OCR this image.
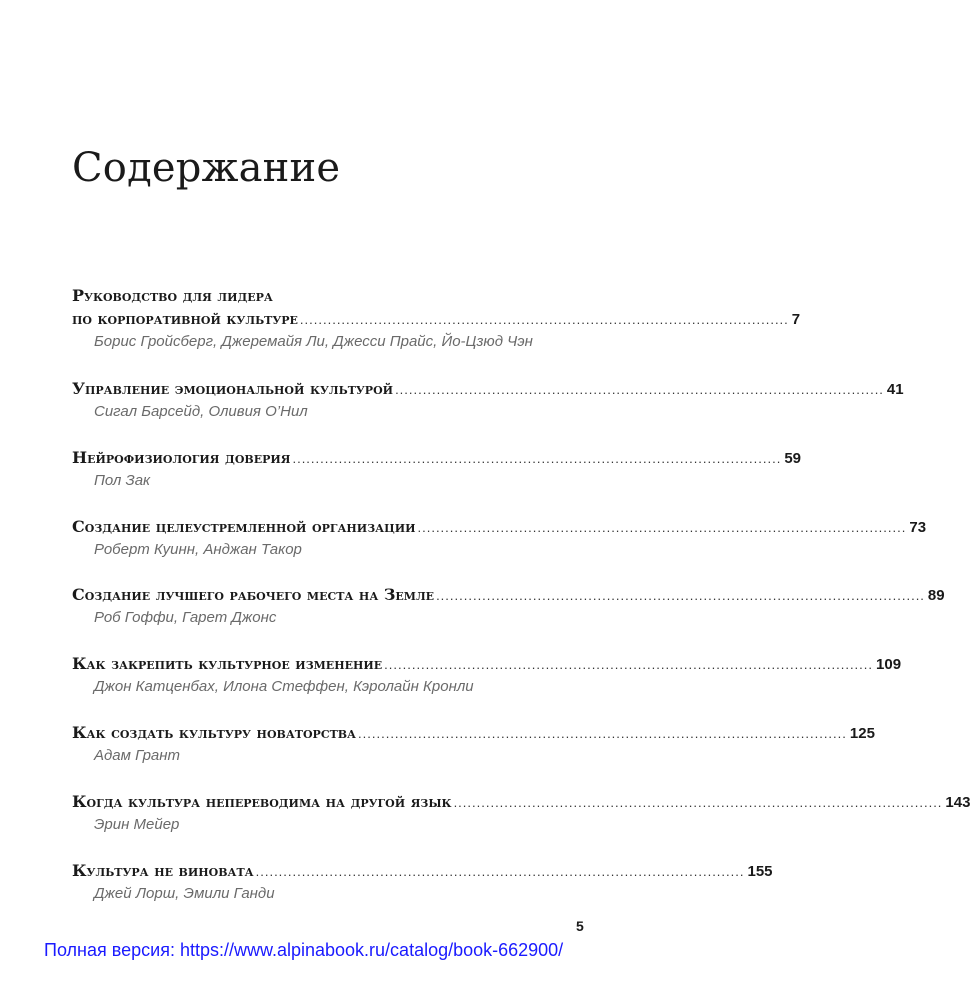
Содержание
Руководство для лидера
по корпоративной культуре .......................................................................................................... 7
Борис Гройсберг, Джеремайя Ли, Джесси Прайс, Йо-Цзюд Чэн
Управление эмоциональной культурой .......................................................................................................... 41
Сигал Барсейд, Оливия О’Нил
Нейрофизиология доверия .......................................................................................................... 59
Пол Зак
Создание целеустремленной организации .......................................................................................................... 73
Роберт Куинн, Анджан Такор
Создание лучшего рабочего места на Земле .......................................................................................................... 89
Роб Гоффи, Гарет Джонс
Как закрепить культурное изменение .......................................................................................................... 109
Джон Катценбах, Илона Стеффен, Кэролайн Кронли
Как создать культуру новаторства .......................................................................................................... 125
Адам Грант
Когда культура непереводима на другой язык .......................................................................................................... 143
Эрин Мейер
Культура не виновата .......................................................................................................... 155
Джей Лорш, Эмили Ганди
5
Полная версия: https://www.alpinabook.ru/catalog/book-662900/
